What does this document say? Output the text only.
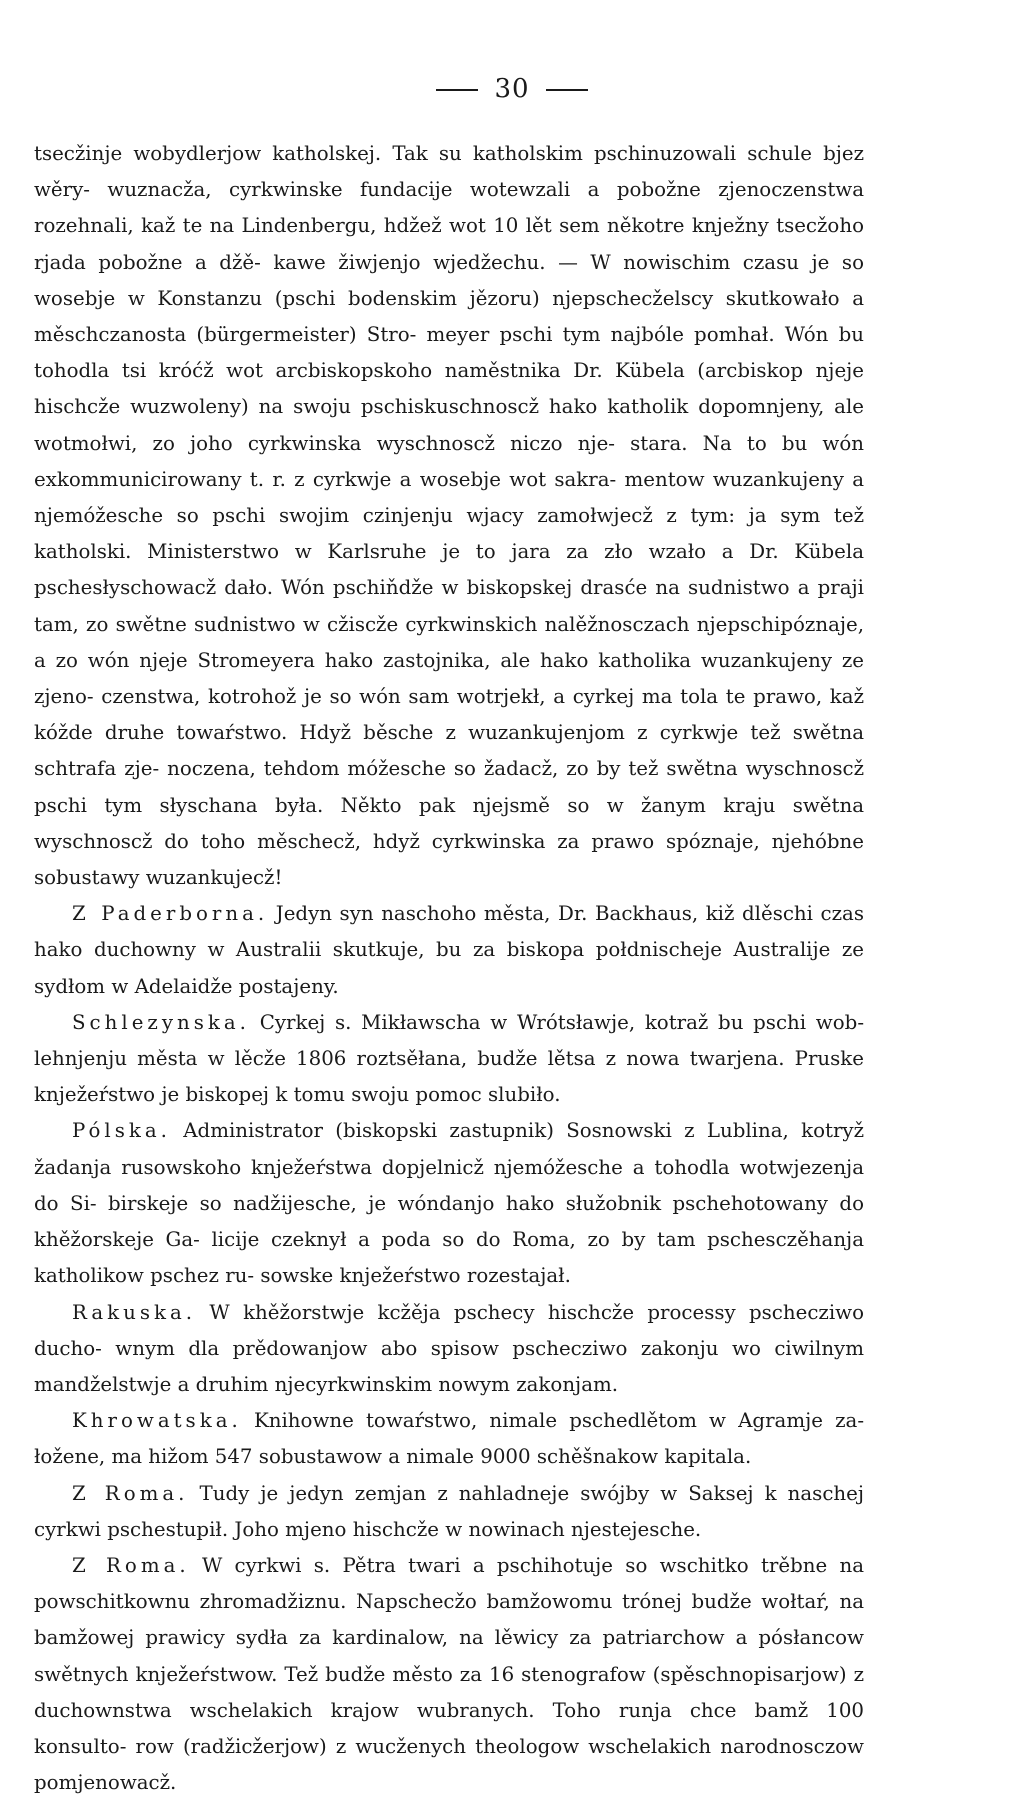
30

tsecžinje wobydlerjow katholskej. Tak su katholskim pschinuzowali schule bjez wěry- wuznacža, cyrkwinske fundacije wotewzali a pobožne zjenoczenstwa rozehnali, kaž te na Lindenbergu, hdžež wot 10 lět sem někotre knježny tsecžoho rjada pobožne a džě- kawe žiwjenjo wjedžechu. — W nowischim czasu je so wosebje w Konstanzu (pschi bodenskim jězoru) njepschecželscy skutkowało a měschczanosta (bürgermeister) Stro- meyer pschi tym najbóle pomhał. Wón bu tohodla tsi króćž wot arcbiskopskoho naměstnika Dr. Kübela (arcbiskop njeje hischcže wuzwoleny) na swoju pschiskuschnoscž hako katholik dopomnjeny, ale wotmołwi, zo joho cyrkwinska wyschnoscž niczo nje- stara. Na to bu wón exkommunicirowany t. r. z cyrkwje a wosebje wot sakra- mentow wuzankujeny a njemóžesche so pschi swojim czinjenju wjacy zamołwjecž z tym: ja sym tež katholski. Ministerstwo w Karlsruhe je to jara za zło wzało a Dr. Kübela pschesłyschowacž dało. Wón pschiňdže w biskopskej drasće na sudnistwo a praji tam, zo swětne sudnistwo w cžiscže cyrkwinskich nalěžnosczach njepschipóznaje, a zo wón njeje Stromeyera hako zastojnika, ale hako katholika wuzankujeny ze zjeno- czenstwa, kotrohož je so wón sam wotrjekł, a cyrkej ma tola te prawo, kaž kóžde druhe towaŕstwo. Hdyž běsche z wuzankujenjom z cyrkwje tež swětna schtrafa zje- noczena, tehdom móžesche so žadacž, zo by tež swětna wyschnoscž pschi tym słyschana była. Někto pak njejsmě so w žanym kraju swětna wyschnoscž do toho měschecž, hdyž cyrkwinska za prawo spóznaje, njehóbne sobustawy wuzankujecž!

Z Paderborna. Jedyn syn naschoho města, Dr. Backhaus, kiž dlěschi czas hako duchowny w Australii skutkuje, bu za biskopa połdnischeje Australije ze sydłom w Adelaidže postajeny.

Schlezynska. Cyrkej s. Mikławscha w Wrótsławje, kotraž bu pschi wob- lehnjenju města w lěcže 1806 roztsěłana, budže lětsa z nowa twarjena. Pruske knježeŕstwo je biskopej k tomu swoju pomoc slubiło.

Pólska. Administrator (biskopski zastupnik) Sosnowski z Lublina, kotryž žadanja rusowskoho knježeŕstwa dopjelnicž njemóžesche a tohodla wotwjezenja do Si- birskeje so nadžijesche, je wóndanjo hako słužobnik pschehotowany do khěžorskeje Ga- licije czeknył a poda so do Roma, zo by tam pschesczěhanja katholikow pschez ru- sowske knježeŕstwo rozestajał.

Rakuska. W khěžorstwje kcžěja pschecy hischcže processy pschecziwo ducho- wnym dla prědowanjow abo spisow pschecziwo zakonju wo ciwilnym mandželstwje a druhim njecyrkwinskim nowym zakonjam.

Khrowatska. Knihowne towaŕstwo, nimale pschedlětom w Agramje za- łožene, ma hižom 547 sobustawow a nimale 9000 schěšnakow kapitala.

Z Roma. Tudy je jedyn zemjan z nahladneje swójby w Saksej k naschej cyrkwi pschestupił. Joho mjeno hischcže w nowinach njestejesche.

Z Roma. W cyrkwi s. Pětra twari a pschihotuje so wschitko trěbne na powschitkownu zhromadžiznu. Napschecžo bamžowomu trónej budže wołtaŕ, na bamžowej prawicy sydła za kardinalow, na lěwicy za patriarchow a pósłancow swětnych knježeŕstwow. Tež budže město za 16 stenografow (spěschnopisarjow) z duchownstwa wschelakich krajow wubranych. Toho runja chce bamž 100 konsulto- row (radžicžerjow) z wucženych theologow wschelakich narodnosczow pomjenowacž.
